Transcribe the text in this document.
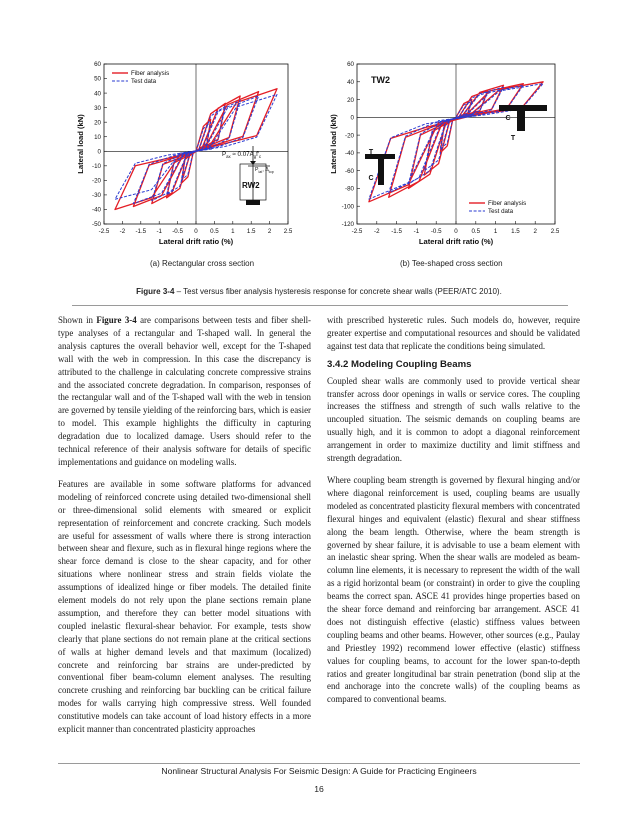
-2.5 -2 -1.5 -1 -0.5 0 0.5 1 1.5 2 2.5
60
50
40
30
20
10
0
-10
-20
-30
-40
-50
Lateral drift ratio (%)
Lateral load (kN)
Fiber analysis
Test data
$P_{ax} \approx 0.07A_gf'_c$
$P_{lat}$, $\Delta_{top}$
RW2
-2.5 -2 -1.5 -1 -0.5 0 0.5 1 1.5 2 2.5
60
40
20
0
-20
-40
-60
-80
-100
-120
Lateral drift ratio (%)
Lateral load (kN)
TW2
Fiber analysis
Test data
C
T
T
C
(a) Rectangular cross section	(b) Tee-shaped cross section
Figure 3-4 – Test versus fiber analysis hysteresis response for concrete shear walls (PEER/ATC 2010).

Shown in Figure 3-4 are comparisons between tests and fiber shell-type analyses of a rectangular and T-shaped wall. In general the analysis captures the overall behavior well, except for the T-shaped wall with the web in compression. In this case the discrepancy is attributed to the challenge in calculating concrete compressive strains and the associated concrete degradation. In comparison, responses of the rectangular wall and of the T-shaped wall with the web in tension are governed by tensile yielding of the reinforcing bars, which is easier to model. This example highlights the difficulty in capturing degradation due to localized damage. Users should refer to the technical reference of their analysis software for details of specific implementations and guidance on modeling walls.

Features are available in some software platforms for advanced modeling of reinforced concrete using detailed two-dimensional shell or three-dimensional solid elements with smeared or explicit representation of reinforcement and concrete cracking. Such models are useful for assessment of walls where there is strong interaction between shear and flexure, such as in flexural hinge regions where the shear force demand is close to the shear capacity, and for other situations where nonlinear stress and strain fields violate the assumptions of idealized hinge or fiber models. The detailed finite element models do not rely upon the plane sections remain plane assumption, and therefore they can better model situations with coupled inelastic flexural-shear behavior. For example, tests show clearly that plane sections do not remain plane at the critical sections of walls at higher demand levels and that maximum (localized) concrete and reinforcing bar strains are under-predicted by conventional fiber beam-column element analyses. The resulting concrete crushing and reinforcing bar buckling can be critical failure modes for walls carrying high compressive stress. Well founded constitutive models can take account of load history effects in a more explicit manner than concentrated plasticity approaches

with prescribed hysteretic rules. Such models do, however, require greater expertise and computational resources and should be validated against test data that replicate the conditions being simulated.

3.4.2 Modeling Coupling Beams

Coupled shear walls are commonly used to provide vertical shear transfer across door openings in walls or service cores. The coupling increases the stiffness and strength of such walls relative to the uncoupled situation. The seismic demands on coupling beams are usually high, and it is common to adopt a diagonal reinforcement arrangement in order to maximize ductility and limit stiffness and strength degradation.

Where coupling beam strength is governed by flexural hinging and/or where diagonal reinforcement is used, coupling beams are usually modeled as concentrated plasticity flexural members with concentrated flexural hinges and equivalent (elastic) flexural and shear stiffness along the beam length. Otherwise, where the beam strength is governed by shear failure, it is advisable to use a beam element with an inelastic shear spring. When the shear walls are modeled as beam-column line elements, it is necessary to represent the width of the wall as a rigid horizontal beam (or constraint) in order to give the coupling beams the correct span. ASCE 41 provides hinge properties based on the shear force demand and reinforcing bar arrangement. ASCE 41 does not distinguish effective (elastic) stiffness values between coupling beams and other beams. However, other sources (e.g., Paulay and Priestley 1992) recommend lower effective (elastic) stiffness values for coupling beams, to account for the lower span-to-depth ratios and greater longitudinal bar strain penetration (bond slip at the end anchorage into the concrete walls) of the coupling beams as compared to conventional beams.

Nonlinear Structural Analysis For Seismic Design: A Guide for Practicing Engineers
16
